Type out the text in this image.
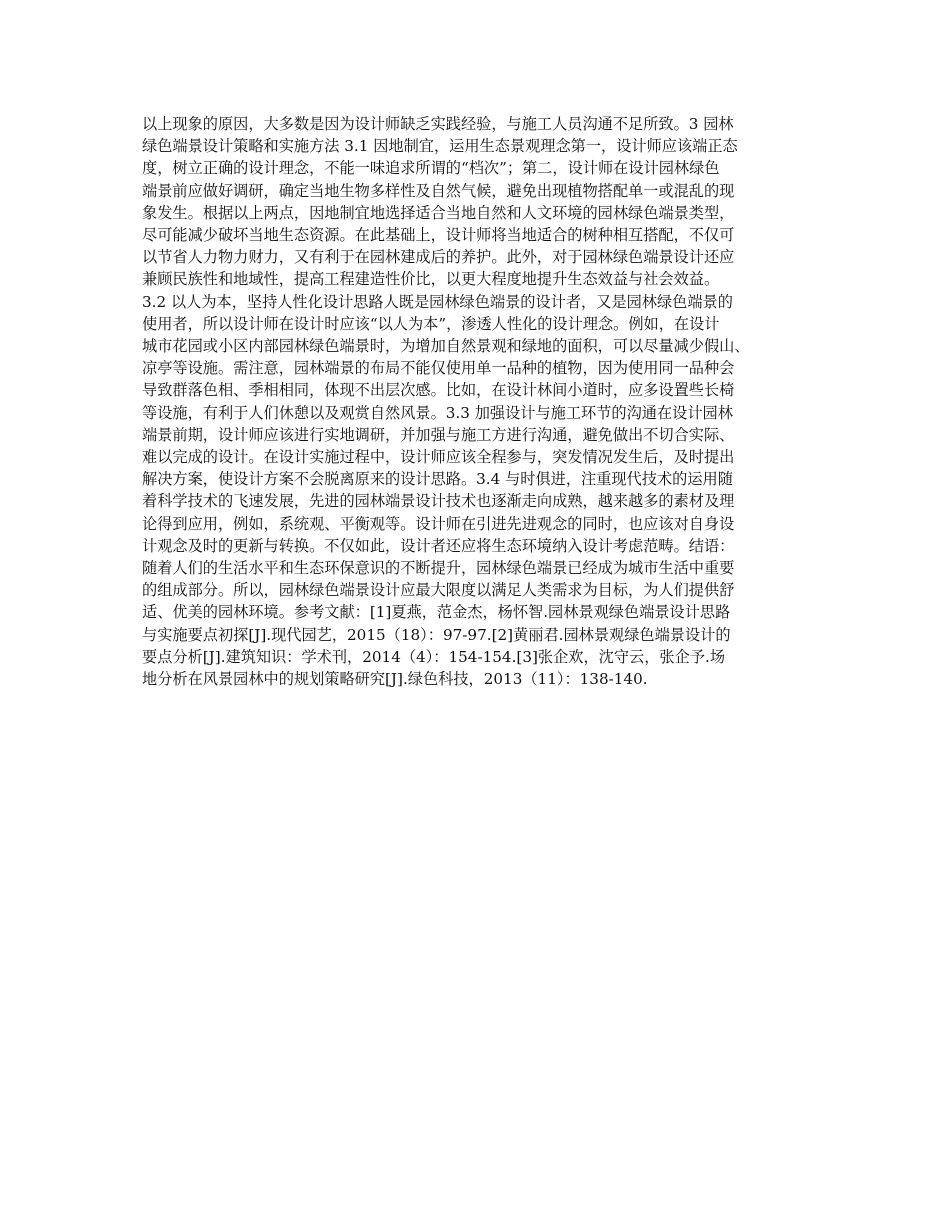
以上现象的原因，大多数是因为设计师缺乏实践经验，与施工人员沟通不足所致。3 园林
绿色端景设计策略和实施方法 3.1 因地制宜，运用生态景观理念第一，设计师应该端正态
度，树立正确的设计理念，不能一味追求所谓的“档次”；第二，设计师在设计园林绿色
端景前应做好调研，确定当地生物多样性及自然气候，避免出现植物搭配单一或混乱的现
象发生。根据以上两点，因地制宜地选择适合当地自然和人文环境的园林绿色端景类型，
尽可能减少破坏当地生态资源。在此基础上，设计师将当地适合的树种相互搭配，不仅可
以节省人力物力财力，又有利于在园林建成后的养护。此外，对于园林绿色端景设计还应
兼顾民族性和地域性，提高工程建造性价比，以更大程度地提升生态效益与社会效益。
3.2 以人为本，坚持人性化设计思路人既是园林绿色端景的设计者，又是园林绿色端景的
使用者，所以设计师在设计时应该“以人为本”，渗透人性化的设计理念。例如，在设计
城市花园或小区内部园林绿色端景时，为增加自然景观和绿地的面积，可以尽量减少假山、
凉亭等设施。需注意，园林端景的布局不能仅使用单一品种的植物，因为使用同一品种会
导致群落色相、季相相同，体现不出层次感。比如，在设计林间小道时，应多设置些长椅
等设施，有利于人们休憩以及观赏自然风景。3.3 加强设计与施工环节的沟通在设计园林
端景前期，设计师应该进行实地调研，并加强与施工方进行沟通，避免做出不切合实际、
难以完成的设计。在设计实施过程中，设计师应该全程参与，突发情况发生后，及时提出
解决方案，使设计方案不会脱离原来的设计思路。3.4 与时俱进，注重现代技术的运用随
着科学技术的飞速发展，先进的园林端景设计技术也逐渐走向成熟，越来越多的素材及理
论得到应用，例如，系统观、平衡观等。设计师在引进先进观念的同时，也应该对自身设
计观念及时的更新与转换。不仅如此，设计者还应将生态环境纳入设计考虑范畴。结语：
随着人们的生活水平和生态环保意识的不断提升，园林绿色端景已经成为城市生活中重要
的组成部分。所以，园林绿色端景设计应最大限度以满足人类需求为目标，为人们提供舒
适、优美的园林环境。参考文献：[1]夏燕，范金杰，杨怀智.园林景观绿色端景设计思路
与实施要点初探[J].现代园艺，2015（18）：97-97.[2]黄丽君.园林景观绿色端景设计的
要点分析[J].建筑知识：学术刊，2014（4）：154-154.[3]张企欢，沈守云，张企予.场
地分析在风景园林中的规划策略研究[J].绿色科技，2013（11）：138-140.
